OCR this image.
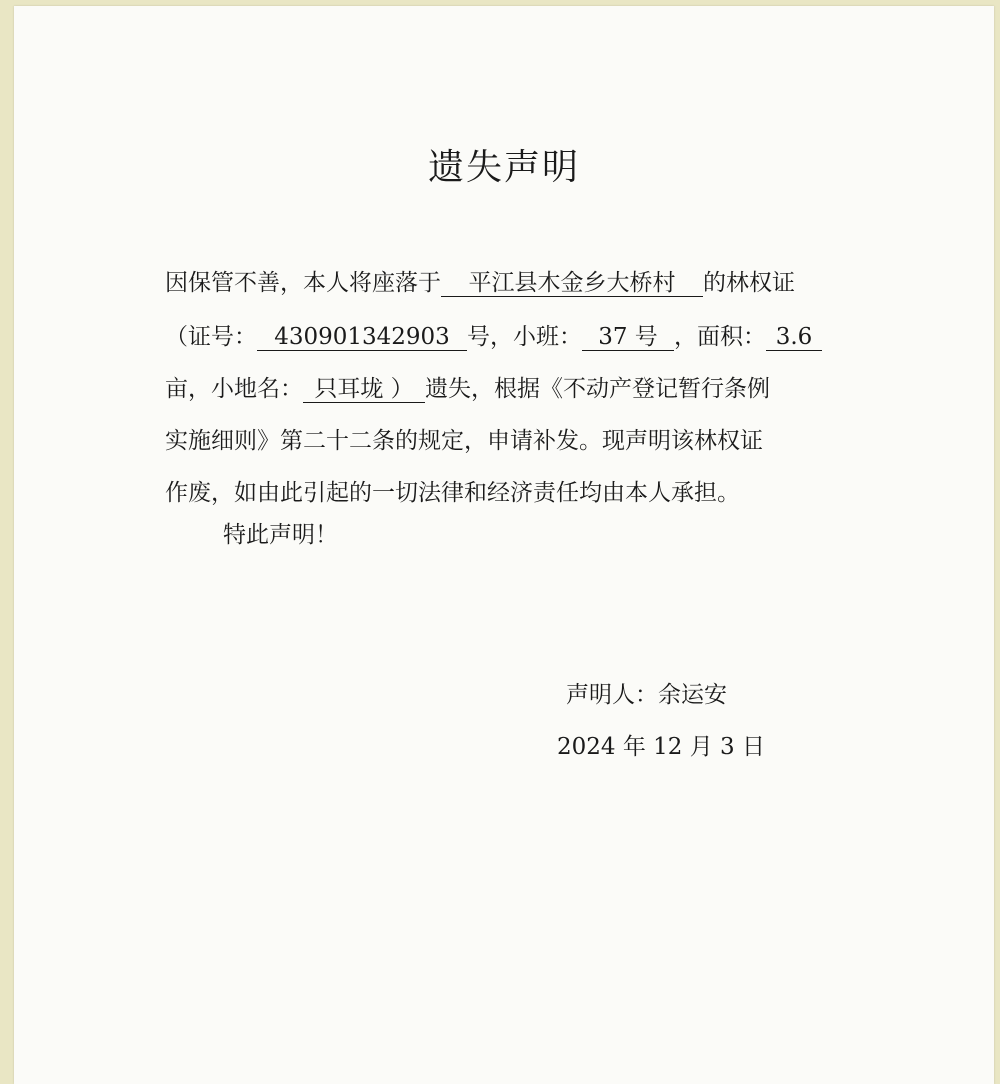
遗失声明
因保管不善，本人将座落于 平江县木金乡大桥村 的林权证
（证号： 430901342903 号，小班： 37 号 ，面积： 3.6
亩，小地名： 只耳垅 ） 遗失，根据《不动产登记暂行条例
实施细则》第二十二条的规定，申请补发。现声明该林权证
作废，如由此引起的一切法律和经济责任均由本人承担。
特此声明！
声明人：余运安
2024 年 12 月 3 日
